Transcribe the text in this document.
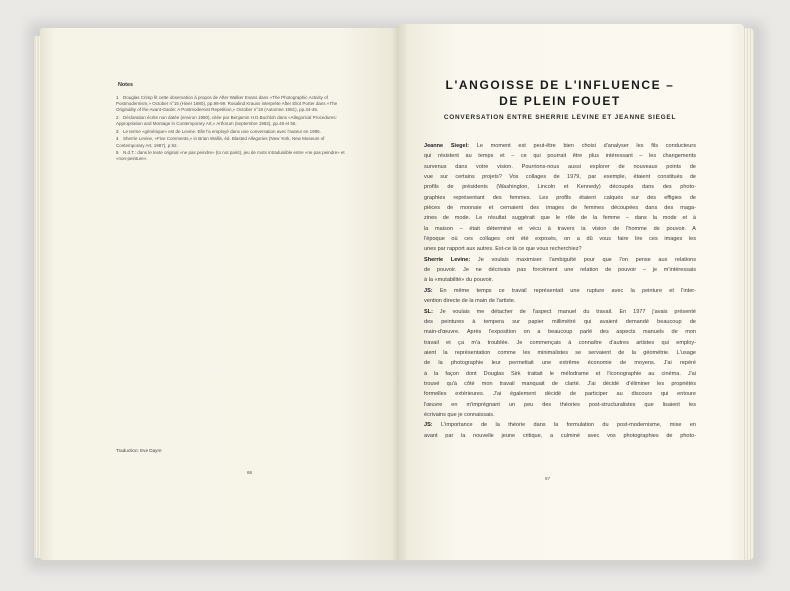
Notes
1 Douglas Crimp fit cette observation à propos de After Walker Evans dans «The Photographic Activity of Postmodernism,» October n°15 (Hiver 1980), pp.98-99. Rosalind Krauss interprète After Eliot Porter dans «The Originality of the Avant-Garde: A Postmodernist Repetition,» October n°18 (Automne 1981), pp.44-45.
2 Déclaration écrite non datée (environ 1980), citée par Benjamin H.D.Buchloh dans «Allegorical Procedures: Appropriation and Montage in Contemporary Art,» Artforum (septembre 1982), pp.48 et 55.
3 Le terme «générique» est de Levine. Elle l'a employé dans une conversation avec l'auteur en 1985.
4 Sherrie Levine, «Five Comments,» in Brian Wallis, éd. Blasted Allegories (New York, New Museum of Contemporary Art, 1987), p.92.
5 N.d.T.: dans le texte original «ne pas peindre» (to not paint), jeu de mots intraduisible entre «ne pas peindre» et «non-peinture».
Traduction: Eve Dayre
66
L'ANGOISSE DE L'INFLUENCE –
DE PLEIN FOUET
CONVERSATION ENTRE SHERRIE LEVINE ET JEANNE SIEGEL
Jeanne Siegel: Le moment est peut-être bien choisi d'analyser les fils conducteurs
qui résistent au temps et – ce qui pourrait être plus intéressant – les changements
survenus dans votre vision. Pourrions-nous aussi explorer de nouveaux points de
vue sur certains projets? Vos collages de 1979, par exemple, étaient constitués de
profils de présidents (Washington, Lincoln et Kennedy) découpés dans des photo-
graphies représentant des femmes. Les profils étaient calqués sur des effigies de
pièces de monnaie et cernaient des images de femmes découpées dans des maga-
zines de mode. Le résultat suggérait que le rôle de la femme – dans la mode et à
la maison – était déterminé et vécu à travers la vision de l'homme de pouvoir. A
l'époque où ces collages ont été exposés, on a dû vous faire lire ces images les
unes par rapport aux autres. Est-ce là ce que vous recherchiez?
Sherrie Levine: Je voulais maximiser l'ambiguïté pour que l'on pense aux relations
de pouvoir. Je ne décrivais pas forcément une relation de pouvoir – je m'intéressais
à la «mutabilité» du pouvoir.
JS: En même temps ce travail représentait une rupture avec la peinture et l'inter-
vention directe de la main de l'artiste.
SL: Je voulais me détacher de l'aspect manuel du travail. En 1977 j'avais présenté
des peintures à tempera sur papier millimétré qui avaient demandé beaucoup de
main-d'œuvre. Après l'exposition on a beaucoup parlé des aspects manuels de mon
travail et ça m'a troublée. Je commençais à connaître d'autres artistes qui employ-
aient la représentation comme les minimalistes se servaient de la géométrie. L'usage
de la photographie leur permettait une extrême économie de moyens. J'ai repéré
à la façon dont Douglas Sirk traitait le mélodrame et l'iconographie au cinéma. J'ai
trouvé qu'à côté mon travail manquait de clarté. J'ai décidé d'éliminer les propriétés
formelles extérieures. J'ai également décidé de participer au discours qui entoure
l'œuvre en m'imprégnant un peu des théories post-structuralistes que lisaient les
écrivains que je connaissais.
JS: L'importance de la théorie dans la formulation du post-modernisme, mise en
avant par la nouvelle jeune critique, a culminé avec vos photographies de photo-
67
